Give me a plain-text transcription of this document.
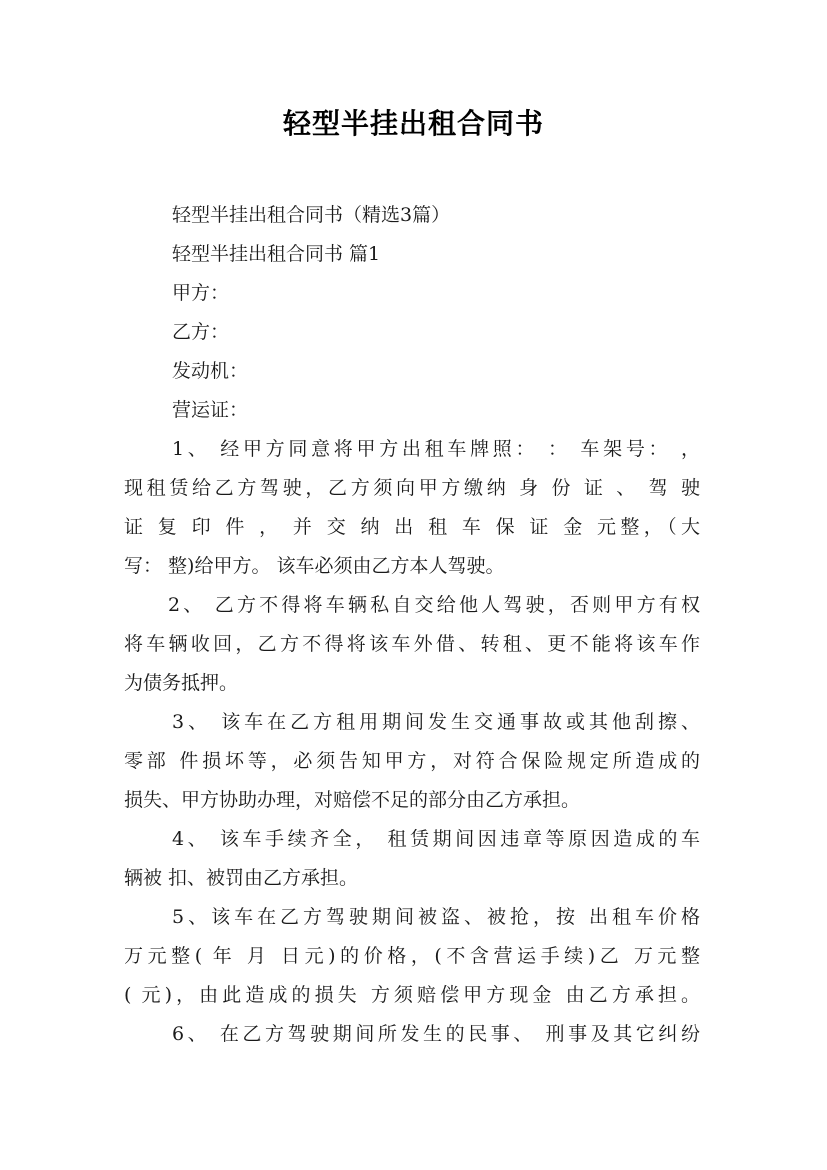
轻型半挂出租合同书
轻型半挂出租合同书（精选3篇）
轻型半挂出租合同书 篇1
甲方：
乙方：
发动机：
营运证：
1、 经甲方同意将甲方出租车牌照： ： 车架号： ，
现租赁给乙方驾驶，乙方须向甲方缴纳 身 份 证 、 驾 驶
证 复 印 件 ， 并 交 纳 出 租 车 保 证 金 元整，（大
写： 整)给甲方。 该车必须由乙方本人驾驶。
2、 乙方不得将车辆私自交给他人驾驶，否则甲方有权
将车辆收回，乙方不得将该车外借、转租、更不能将该车作
为债务抵押。
3、 该车在乙方租用期间发生交通事故或其他刮擦、
零部 件损坏等，必须告知甲方，对符合保险规定所造成的
损失、甲方协助办理，对赔偿不足的部分由乙方承担。
4、 该车手续齐全， 租赁期间因违章等原因造成的车
辆被 扣、被罚由乙方承担。
5、该车在乙方驾驶期间被盗、被抢，按 出租车价格
万元整( 年 月 日元)的价格，(不含营运手续)乙 万元整
( 元)，由此造成的损失 方须赔偿甲方现金 由乙方承担。
6、 在乙方驾驶期间所发生的民事、 刑事及其它纠纷
